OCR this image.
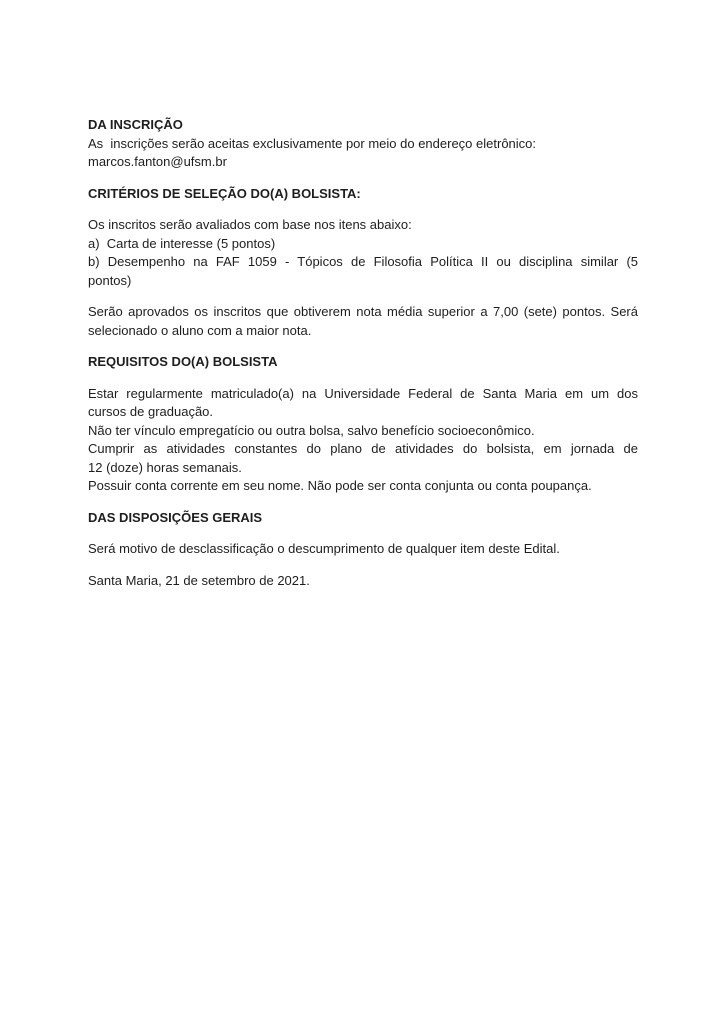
DA INSCRIÇÃO
As  inscrições serão aceitas exclusivamente por meio do endereço eletrônico:
marcos.fanton@ufsm.br
CRITÉRIOS DE SELEÇÃO DO(A) BOLSISTA:
Os inscritos serão avaliados com base nos itens abaixo:
a)  Carta de interesse (5 pontos)
b) Desempenho na FAF 1059 - Tópicos de Filosofia Política II ou disciplina similar (5
pontos)
Serão aprovados os inscritos que obtiverem nota média superior a 7,00 (sete) pontos. Será
selecionado o aluno com a maior nota.
REQUISITOS DO(A) BOLSISTA
Estar regularmente matriculado(a) na Universidade Federal de Santa Maria em um dos
cursos de graduação.
Não ter vínculo empregatício ou outra bolsa, salvo benefício socioeconômico.
Cumprir as atividades constantes do plano de atividades do bolsista, em jornada de
12 (doze) horas semanais.
Possuir conta corrente em seu nome. Não pode ser conta conjunta ou conta poupança.
DAS DISPOSIÇÕES GERAIS
Será motivo de desclassificação o descumprimento de qualquer item deste Edital.
Santa Maria, 21 de setembro de 2021.
